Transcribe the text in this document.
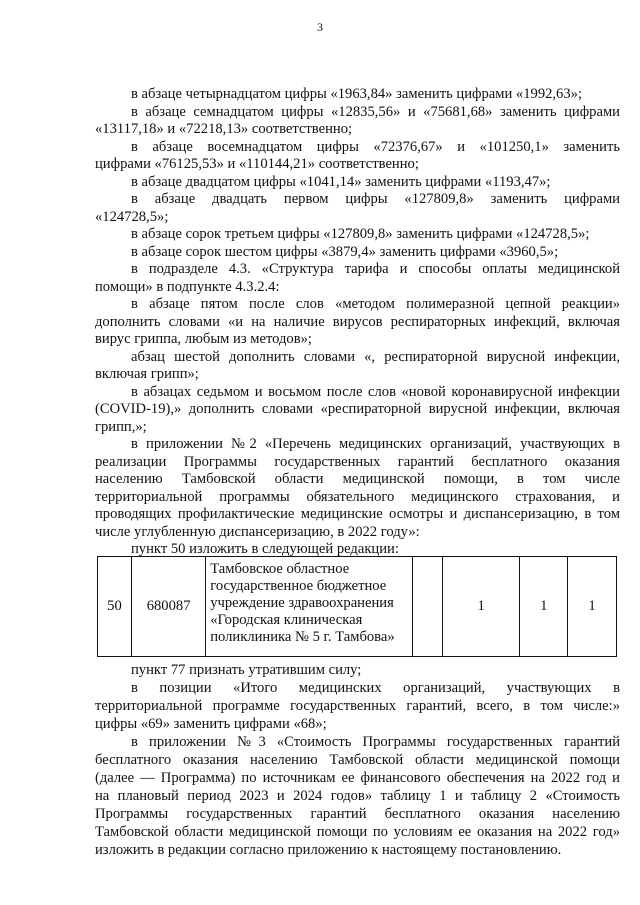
3
в абзаце четырнадцатом цифры «1963,84» заменить цифрами «1992,63»;
в абзаце семнадцатом цифры «12835,56» и «75681,68» заменить цифрами
«13117,18» и «72218,13» соответственно;
в абзаце восемнадцатом цифры «72376,67» и «101250,1» заменить
цифрами «76125,53» и «110144,21» соответственно;
в абзаце двадцатом цифры «1041,14» заменить цифрами «1193,47»;
в абзаце двадцать первом цифры «127809,8» заменить цифрами
«124728,5»;
в абзаце сорок третьем цифры «127809,8» заменить цифрами «124728,5»;
в абзаце сорок шестом цифры «3879,4» заменить цифрами «3960,5»;
в подразделе 4.3. «Структура тарифа и способы оплаты медицинской
помощи» в подпункте 4.3.2.4:
в абзаце пятом после слов «методом полимеразной цепной реакции»
дополнить словами «и на наличие вирусов респираторных инфекций, включая
вирус гриппа, любым из методов»;
абзац шестой дополнить словами «, респираторной вирусной инфекции,
включая грипп»;
в абзацах седьмом и восьмом после слов «новой коронавирусной инфекции
(COVID-19),» дополнить словами «респираторной вирусной инфекции, включая
грипп,»;
в приложении №2 «Перечень медицинских организаций, участвующих в
реализации Программы государственных гарантий бесплатного оказания
населению Тамбовской области медицинской помощи, в том числе
территориальной программы обязательного медицинского страхования, и
проводящих профилактические медицинские осмотры и диспансеризацию, в том
числе углубленную диспансеризацию, в 2022 году»:
пункт 50 изложить в следующей редакции:
50	680087	Тамбовское областное государственное бюджетное учреждение здравоохранения «Городская клиническая поликлиника № 5 г. Тамбова»		1	1	1
пункт 77 признать утратившим силу;
в позиции «Итого медицинских организаций, участвующих в
территориальной программе государственных гарантий, всего, в том числе:»
цифры «69» заменить цифрами «68»;
в приложении №3 «Стоимость Программы государственных гарантий
бесплатного оказания населению Тамбовской области медицинской помощи
(далее — Программа) по источникам ее финансового обеспечения на 2022 год и
на плановый период 2023 и 2024 годов» таблицу 1 и таблицу 2 «Стоимость
Программы государственных гарантий бесплатного оказания населению
Тамбовской области медицинской помощи по условиям ее оказания на 2022 год»
изложить в редакции согласно приложению к настоящему постановлению.
